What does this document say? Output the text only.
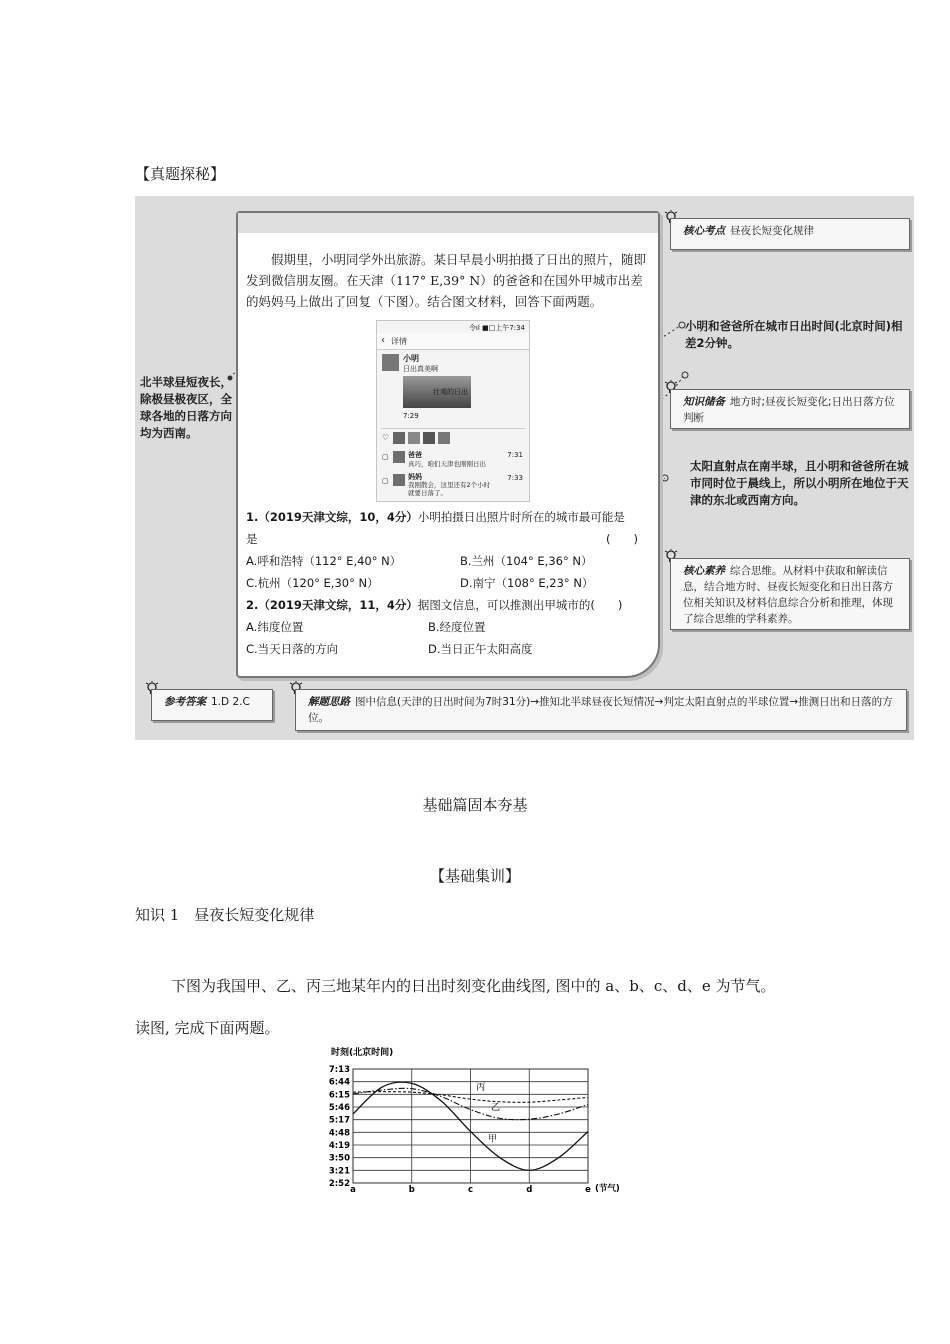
【真题探秘】
假期里，小明同学外出旅游。某日早晨小明拍摄了日出的照片，随即发到微信朋友圈。在天津（117° E,39° N）的爸爸和在国外甲城市出差的妈妈马上做出了回复（下图）。结合图文材料，回答下面两题。
令ıl ■□上午7:34
‹ 详情
小明
日出真美啊
壮观的日出
7:29
♡
▢	爸爸
真巧，咱们天津也刚刚日出
7:31
▢	妈妈
我刚散会，这里还有2个小时就要日落了。
7:33
1.（2019天津文综，10，4分）小明拍摄日出照片时所在的城市最可能是
是	(　　)
A.呼和浩特（112° E,40° N）	B.兰州（104° E,36° N）
C.杭州（120° E,30° N）	D.南宁（108° E,23° N）
2.（2019天津文综，11，4分）据图文信息，可以推测出甲城市的(　　)
A.纬度位置	B.经度位置
C.当天日落的方向	D.当日正午太阳高度
核心考点 昼夜长短变化规律
小明和爸爸所在城市日出时间(北京时间)相差2分钟。
知识储备 地方时;昼夜长短变化;日出日落方位判断
太阳直射点在南半球，且小明和爸爸所在城市同时位于晨线上，所以小明所在地位于天津的东北或西南方向。
核心素养 综合思维。从材料中获取和解读信息，结合地方时、昼夜长短变化和日出日落方位相关知识及材料信息综合分析和推理，体现了综合思维的学科素养。
北半球昼短夜长，除极昼极夜区，全球各地的日落方向均为西南。
参考答案 1.D 2.C	解题思路 图中信息(天津的日出时间为7时31分)→推知北半球昼夜长短情况→判定太阳直射点的半球位置→推测日出和日落的方位。
基础篇固本夯基
【基础集训】
知识 1　昼夜长短变化规律
下图为我国甲、乙、丙三地某年内的日出时刻变化曲线图, 图中的 a、b、c、d、e 为节气。
读图, 完成下面两题。
时刻(北京时间)
7:13
6:44
6:15
5:46
5:17
4:48
4:19
3:50
3:21
2:52
a	b	c	d	e
甲
乙
丙
(节气)
